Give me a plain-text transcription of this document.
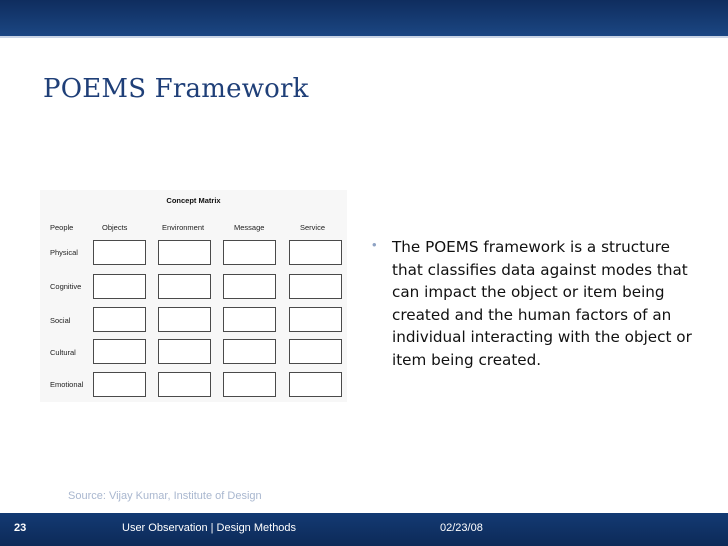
POEMS Framework
Concept Matrix
People	Objects	Environment	Message	Service
Physical
Cognitive
Social
Cultural
Emotional
• The POEMS framework is a structure that classifies data against modes that can impact the object or item being created and the human factors of an individual interacting with the object or item being created.
Source: Vijay Kumar, Institute of Design
23	User Observation | Design Methods	02/23/08
